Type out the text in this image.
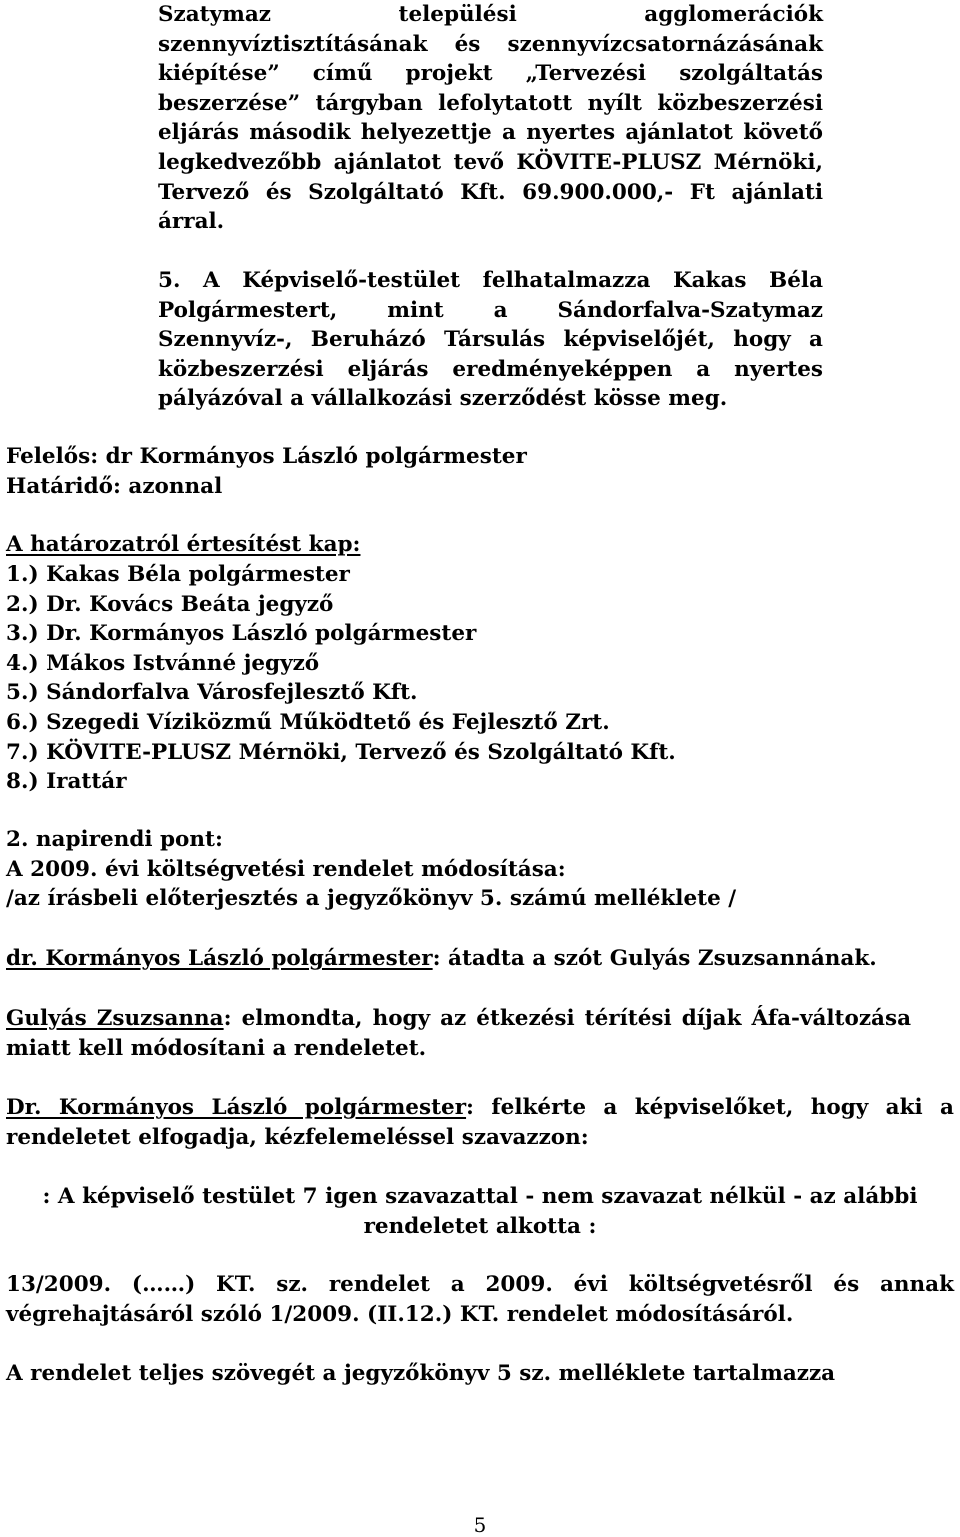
Szatymaz települési agglomerációk szennyvíztisztításának és szennyvízcsatornázásának kiépítése” című projekt „Tervezési szolgáltatás beszerzése” tárgyban lefolytatott nyílt közbeszerzési eljárás második helyezettje a nyertes ajánlatot követő legkedvezőbb ajánlatot tevő KÖVITE-PLUSZ Mérnöki, Tervező és Szolgáltató Kft. 69.900.000,- Ft ajánlati árral.

5. A Képviselő-testület felhatalmazza Kakas Béla Polgármestert, mint a Sándorfalva-Szatymaz Szennyvíz-, Beruházó Társulás képviselőjét, hogy a közbeszerzési eljárás eredményeképpen a nyertes pályázóval a vállalkozási szerződést kösse meg.

Felelős: dr Kormányos László polgármester

Határidő: azonnal

A határozatról értesítést kap:

1.) Kakas Béla polgármester

2.) Dr. Kovács Beáta jegyző

3.) Dr. Kormányos László polgármester

4.) Mákos Istvánné jegyző

5.) Sándorfalva Városfejlesztő Kft.

6.) Szegedi Víziközmű Működtető és Fejlesztő Zrt.

7.) KÖVITE-PLUSZ Mérnöki, Tervező és Szolgáltató Kft.

8.) Irattár

2. napirendi pont:

A 2009. évi költségvetési rendelet módosítása:

/az írásbeli előterjesztés a jegyzőkönyv 5. számú melléklete /

dr. Kormányos László polgármester: átadta a szót Gulyás Zsuzsannának.

Gulyás Zsuzsanna: elmondta, hogy az étkezési térítési díjak Áfa-változása miatt kell módosítani a rendeletet.

Dr. Kormányos László polgármester: felkérte a képviselőket, hogy aki a rendeletet elfogadja, kézfelemeléssel szavazzon:

: A képviselő testület 7 igen szavazattal - nem szavazat nélkül - az alábbi

rendeletet alkotta :

13/2009. (……) KT. sz. rendelet a 2009. évi költségvetésről és annak végrehajtásáról szóló 1/2009. (II.12.) KT. rendelet módosításáról.

A rendelet teljes szövegét a jegyzőkönyv 5 sz. melléklete tartalmazza

5
